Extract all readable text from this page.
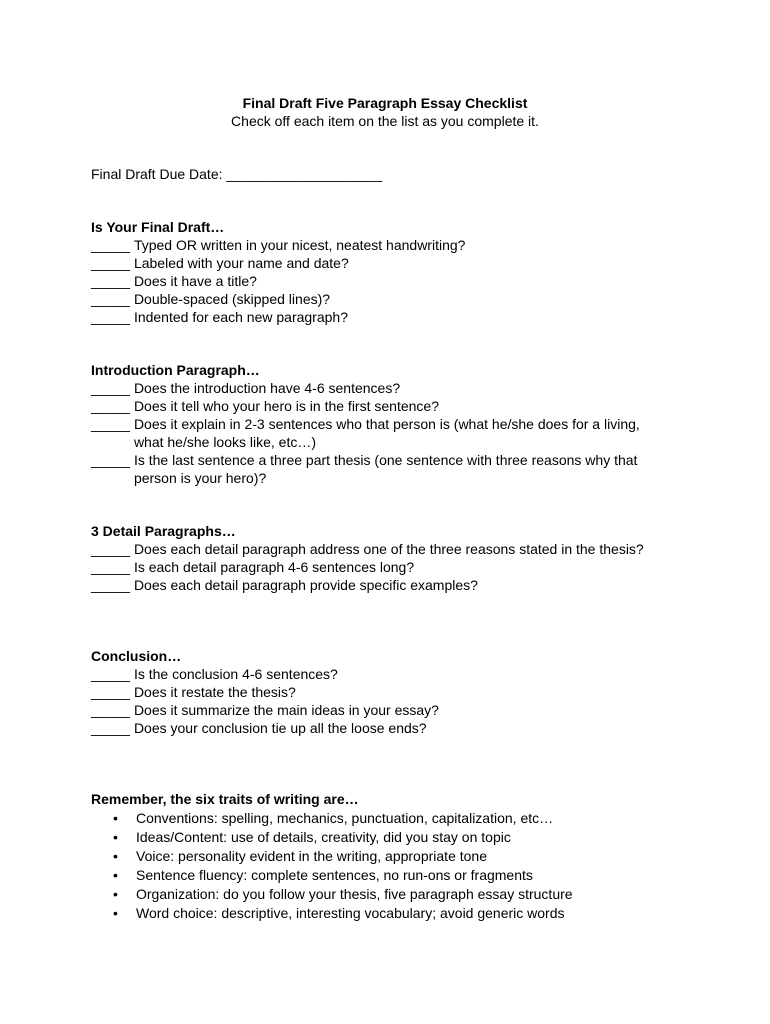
Final Draft Five Paragraph Essay Checklist
Check off each item on the list as you complete it.
Final Draft Due Date: ____________________
Is Your Final Draft…
_____ Typed OR written in your nicest, neatest handwriting?
_____ Labeled with your name and date?
_____ Does it have a title?
_____ Double-spaced (skipped lines)?
_____ Indented for each new paragraph?
Introduction Paragraph…
_____ Does the introduction have 4-6 sentences?
_____ Does it tell who your hero is in the first sentence?
_____ Does it explain in 2-3 sentences who that person is (what he/she does for a living, what he/she looks like, etc…)
_____ Is the last sentence a three part thesis (one sentence with three reasons why that person is your hero)?
3 Detail Paragraphs…
_____ Does each detail paragraph address one of the three reasons stated in the thesis?
_____ Is each detail paragraph 4-6 sentences long?
_____ Does each detail paragraph provide specific examples?
Conclusion…
_____ Is the conclusion 4-6 sentences?
_____ Does it restate the thesis?
_____ Does it summarize the main ideas in your essay?
_____ Does your conclusion tie up all the loose ends?
Remember, the six traits of writing are…
• Conventions: spelling, mechanics, punctuation, capitalization, etc…
• Ideas/Content: use of details, creativity, did you stay on topic
• Voice: personality evident in the writing, appropriate tone
• Sentence fluency: complete sentences, no run-ons or fragments
• Organization: do you follow your thesis, five paragraph essay structure
• Word choice: descriptive, interesting vocabulary; avoid generic words
